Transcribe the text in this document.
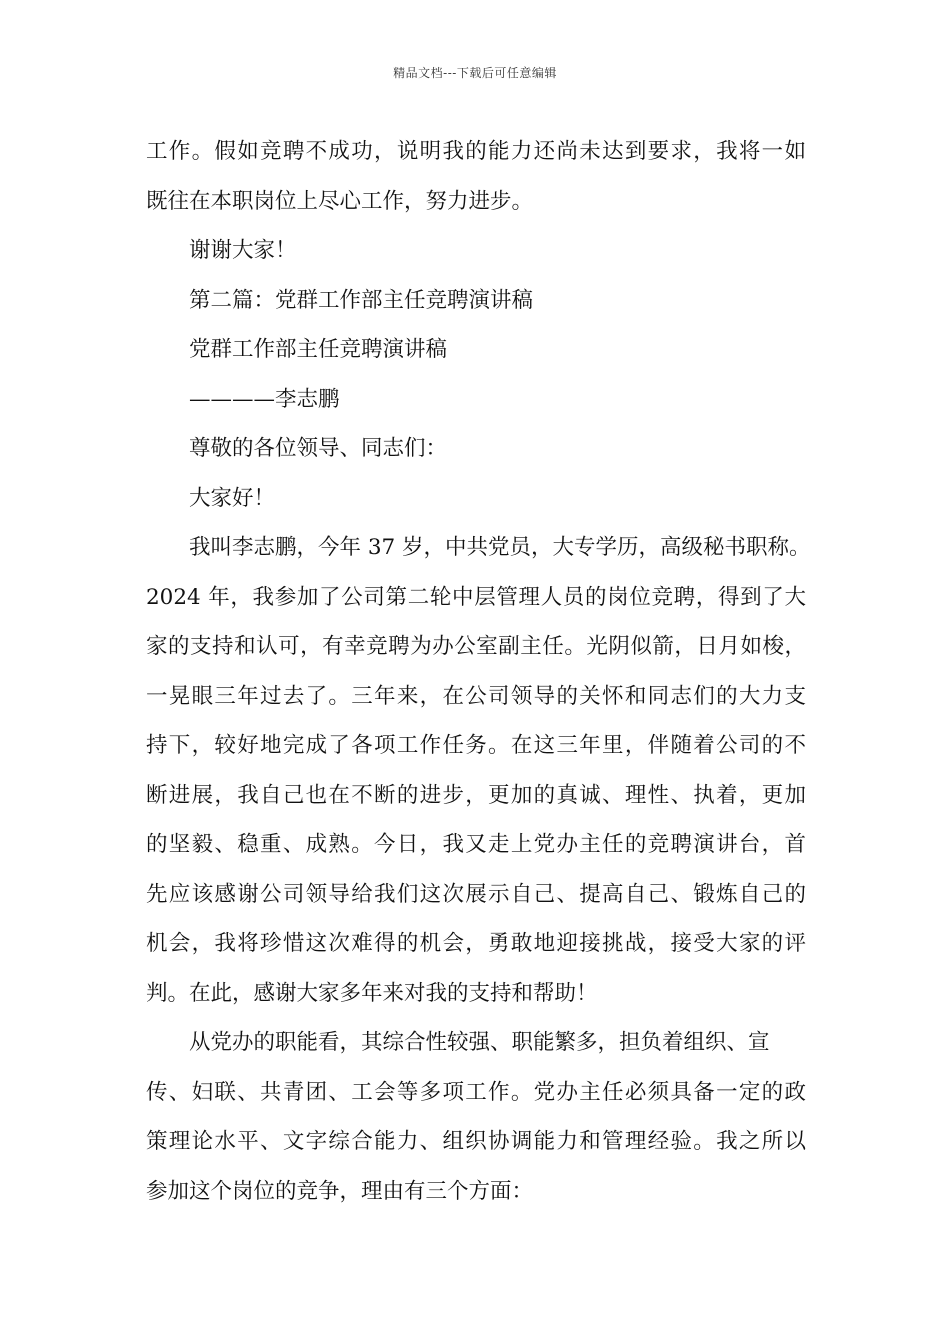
精品文档---下载后可任意编辑
工作。假如竞聘不成功，说明我的能力还尚未达到要求，我将一如
既往在本职岗位上尽心工作，努力进步。
谢谢大家！
第二篇：党群工作部主任竞聘演讲稿
党群工作部主任竞聘演讲稿
————李志鹏
尊敬的各位领导、同志们：
大家好！
我叫李志鹏，今年 37 岁，中共党员，大专学历，高级秘书职称。
2024 年，我参加了公司第二轮中层管理人员的岗位竞聘，得到了大
家的支持和认可，有幸竞聘为办公室副主任。光阴似箭，日月如梭，
一晃眼三年过去了。三年来，在公司领导的关怀和同志们的大力支
持下，较好地完成了各项工作任务。在这三年里，伴随着公司的不
断进展，我自己也在不断的进步，更加的真诚、理性、执着，更加
的坚毅、稳重、成熟。今日，我又走上党办主任的竞聘演讲台，首
先应该感谢公司领导给我们这次展示自己、提高自己、锻炼自己的
机会，我将珍惜这次难得的机会，勇敢地迎接挑战，接受大家的评
判。在此，感谢大家多年来对我的支持和帮助！
从党办的职能看，其综合性较强、职能繁多，担负着组织、宣
传、妇联、共青团、工会等多项工作。党办主任必须具备一定的政
策理论水平、文字综合能力、组织协调能力和管理经验。我之所以
参加这个岗位的竞争，理由有三个方面：
